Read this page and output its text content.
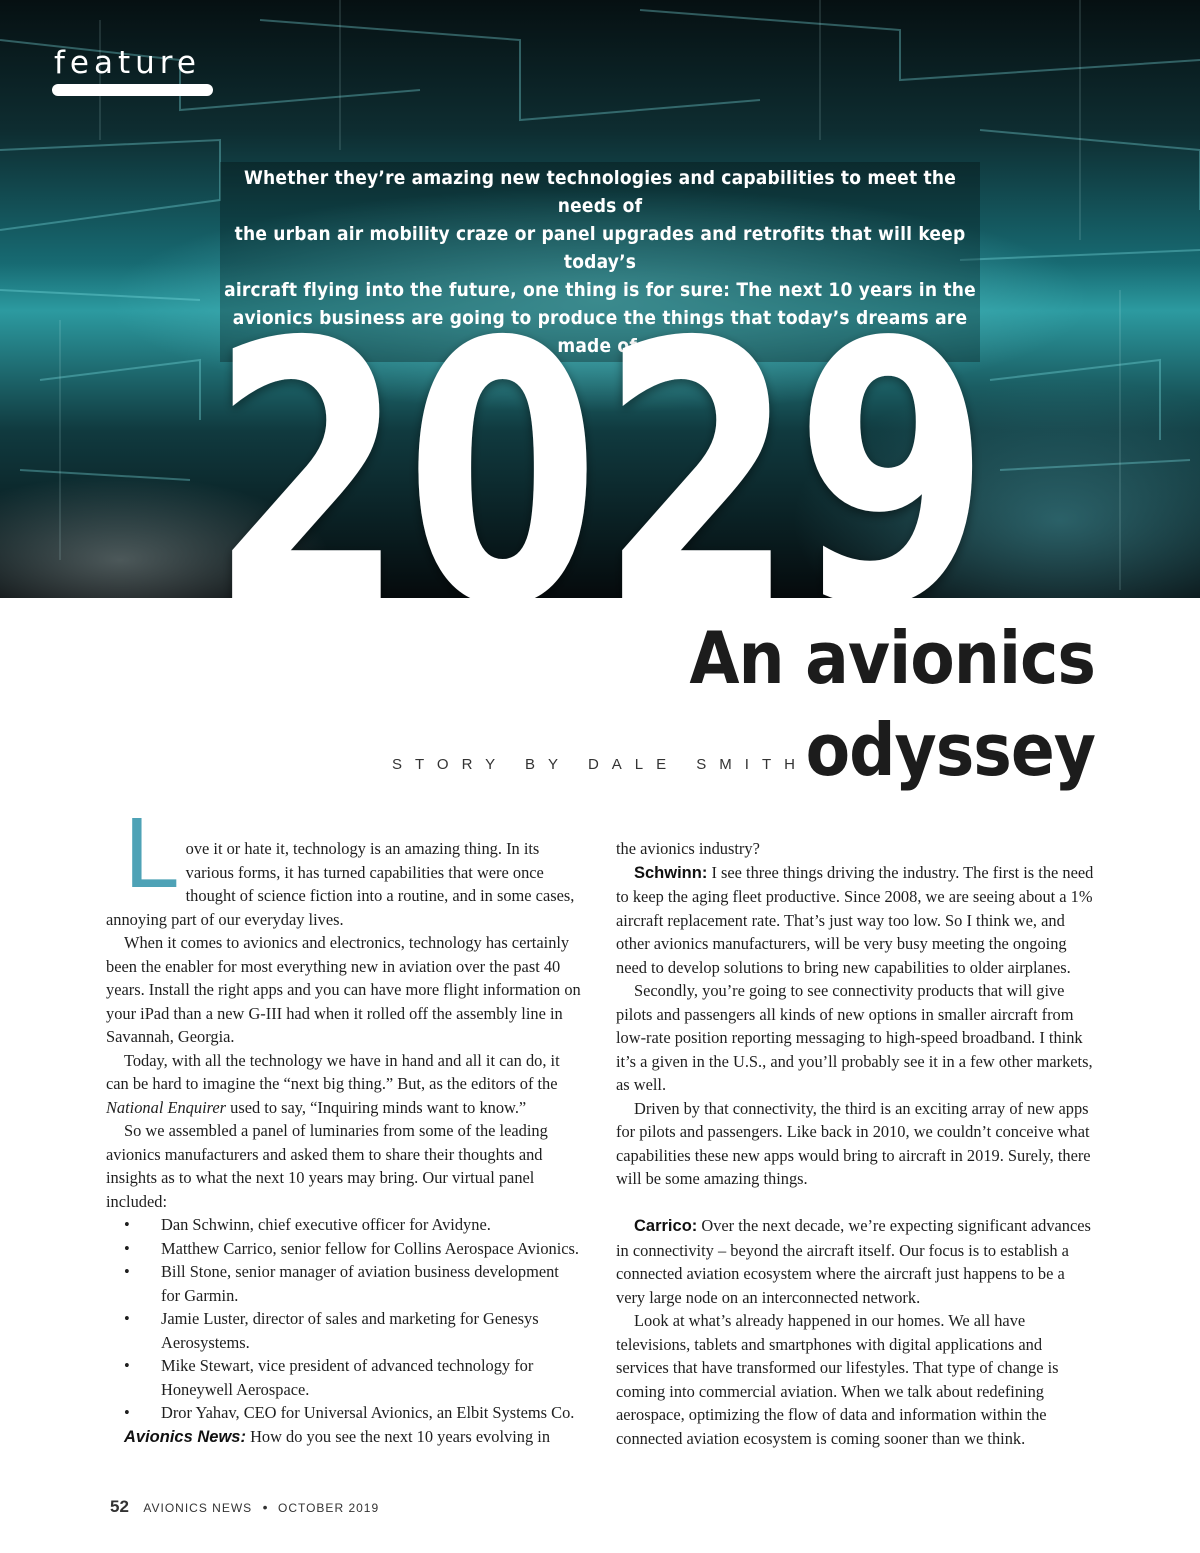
feature
Whether they’re amazing new technologies and capabilities to meet the needs of
the urban air mobility craze or panel upgrades and retrofits that will keep today’s
aircraft flying into the future, one thing is for sure: The next 10 years in the
avionics business are going to produce the things that today’s dreams are made of.
2029
An avionics odyssey
STORY BY DALE SMITH

Love it or hate it, technology is an amazing thing. In its various forms, it has turned capabilities that were once thought of science fiction into a routine, and in some cases, annoying part of our everyday lives.

When it comes to avionics and electronics, technology has certainly been the enabler for most everything new in aviation over the past 40 years. Install the right apps and you can have more flight information on your iPad than a new G-III had when it rolled off the assembly line in Savannah, Georgia.

Today, with all the technology we have in hand and all it can do, it can be hard to imagine the “next big thing.” But, as the editors of the National Enquirer used to say, “Inquiring minds want to know.”

So we assembled a panel of luminaries from some of the leading avionics manufacturers and asked them to share their thoughts and insights as to what the next 10 years may bring. Our virtual panel included:

• Dan Schwinn, chief executive officer for Avidyne.
• Matthew Carrico, senior fellow for Collins Aerospace Avionics.
• Bill Stone, senior manager of aviation business development for Garmin.
• Jamie Luster, director of sales and marketing for Genesys Aerosystems.
• Mike Stewart, vice president of advanced technology for Honeywell Aerospace.
• Dror Yahav, CEO for Universal Avionics, an Elbit Systems Co.

Avionics News: How do you see the next 10 years evolving in

the avionics industry?

Schwinn: I see three things driving the industry. The first is the need to keep the aging fleet productive. Since 2008, we are seeing about a 1% aircraft replacement rate. That’s just way too low. So I think we, and other avionics manufacturers, will be very busy meeting the ongoing need to develop solutions to bring new capabilities to older airplanes.

Secondly, you’re going to see connectivity products that will give pilots and passengers all kinds of new options in smaller aircraft from low-rate position reporting messaging to high-speed broadband. I think it’s a given in the U.S., and you’ll probably see it in a few other markets, as well.

Driven by that connectivity, the third is an exciting array of new apps for pilots and passengers. Like back in 2010, we couldn’t conceive what capabilities these new apps would bring to aircraft in 2019. Surely, there will be some amazing things.

Carrico: Over the next decade, we’re expecting significant advances in connectivity – beyond the aircraft itself. Our focus is to establish a connected aviation ecosystem where the aircraft just happens to be a very large node on an interconnected network.

Look at what’s already happened in our homes. We all have televisions, tablets and smartphones with digital applications and services that have transformed our lifestyles. That type of change is coming into commercial aviation. When we talk about redefining aerospace, optimizing the flow of data and information within the connected aviation ecosystem is coming sooner than we think.

52 AVIONICS NEWS • OCTOBER 2019
